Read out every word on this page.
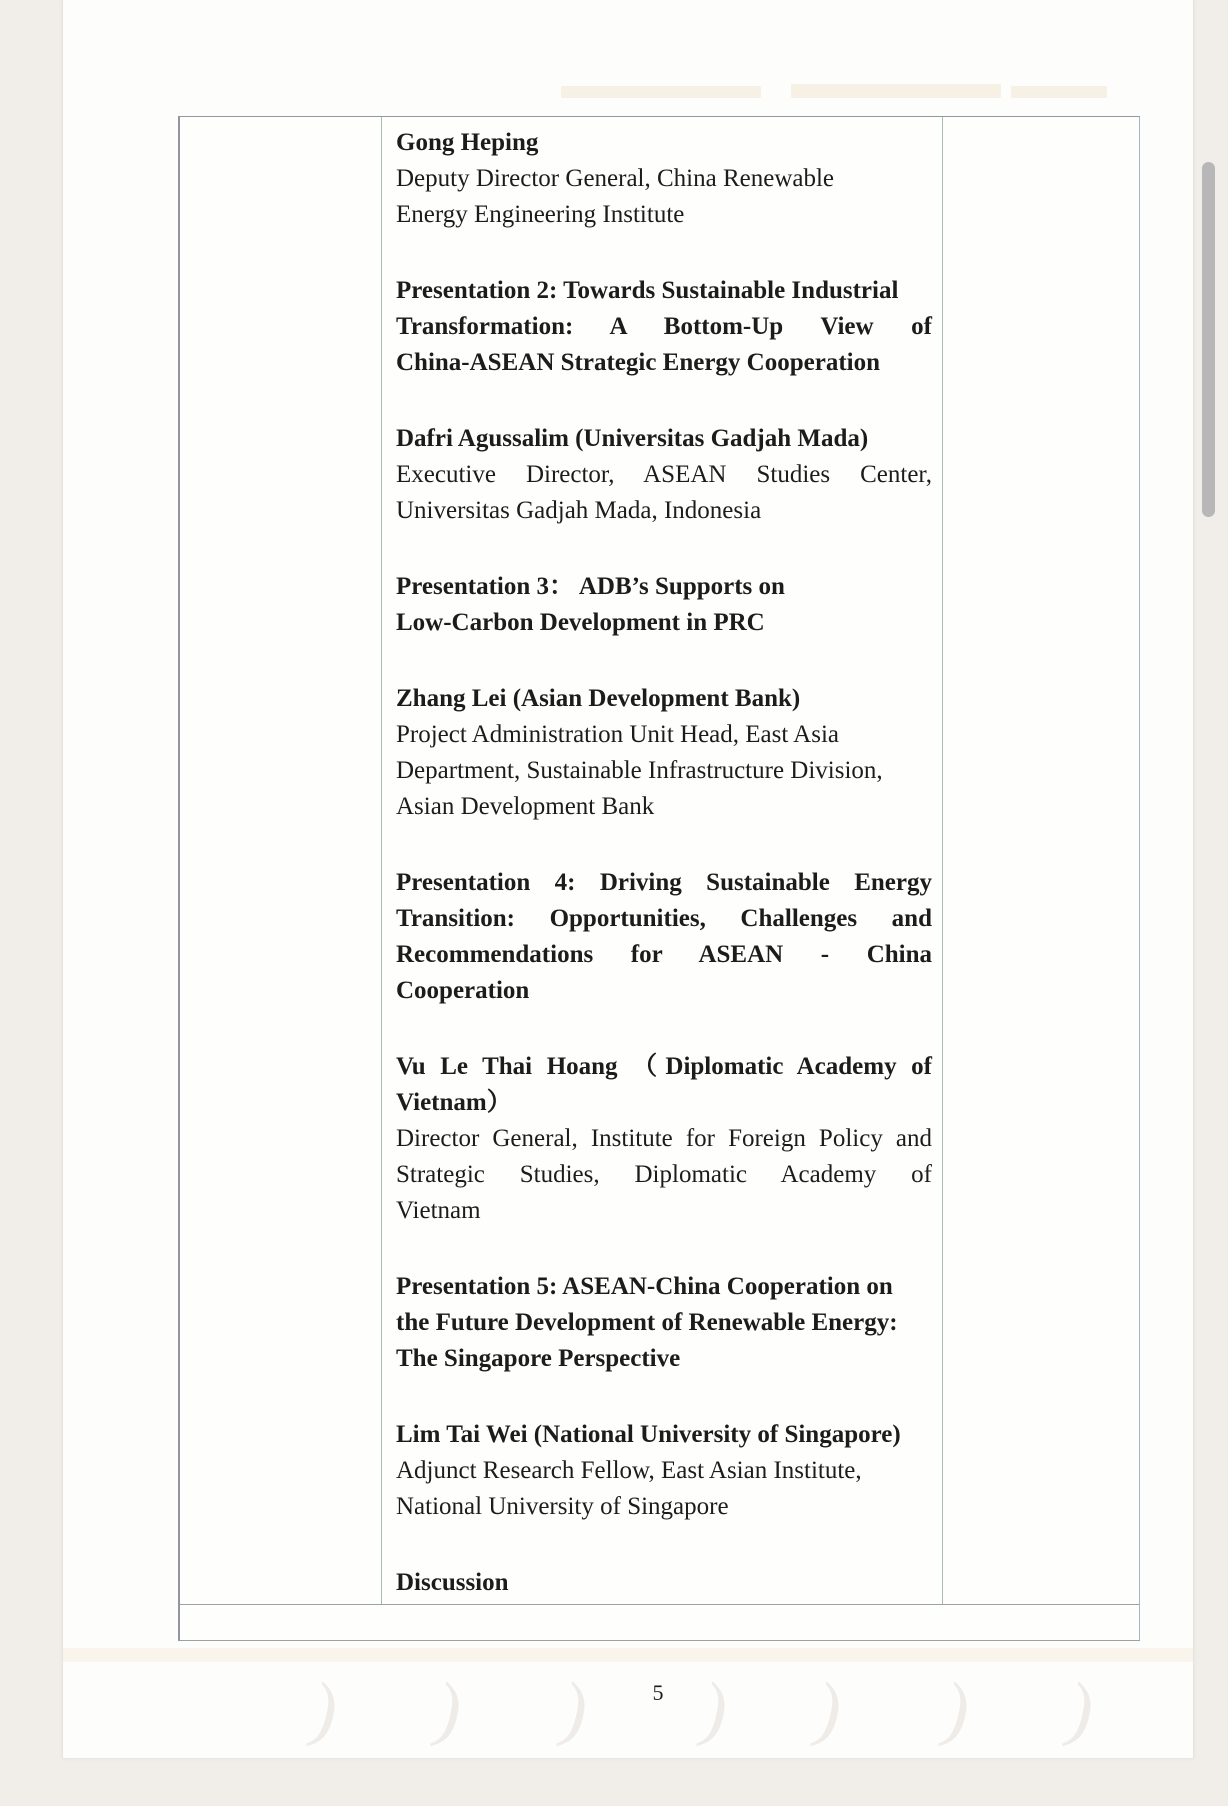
Gong Heping
Deputy Director General, China Renewable
Energy Engineering Institute
Presentation 2: Towards Sustainable Industrial
Transformation: A Bottom-Up View of
China-ASEAN Strategic Energy Cooperation
Dafri Agussalim (Universitas Gadjah Mada)
Executive Director, ASEAN Studies Center,
Universitas Gadjah Mada, Indonesia
Presentation 3： ADB’s Supports on
Low-Carbon Development in PRC
Zhang Lei (Asian Development Bank)
Project Administration Unit Head, East Asia
Department, Sustainable Infrastructure Division,
Asian Development Bank
Presentation 4: Driving Sustainable Energy
Transition: Opportunities, Challenges and
Recommendations for ASEAN - China
Cooperation
Vu Le Thai Hoang （Diplomatic Academy of
Vietnam）
Director General, Institute for Foreign Policy and
Strategic Studies, Diplomatic Academy of
Vietnam
Presentation 5: ASEAN-China Cooperation on
the Future Development of Renewable Energy:
The Singapore Perspective
Lim Tai Wei (National University of Singapore)
Adjunct Research Fellow, East Asian Institute,
National University of Singapore
Discussion
5
) ) ) ) ) ) )
